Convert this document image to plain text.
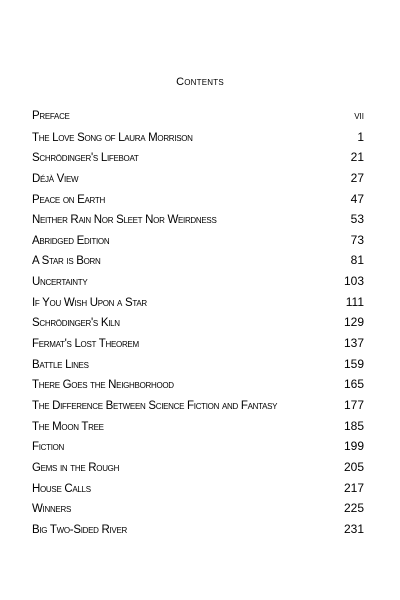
Contents
Preface	vii
The Love Song of Laura Morrison	1
Schrödinger's Lifeboat	21
Déjà View	27
Peace on Earth	47
Neither Rain Nor Sleet Nor Weirdness	53
Abridged Edition	73
A Star is Born	81
Uncertainty	103
If You Wish Upon a Star	111
Schrödinger's Kiln	129
Fermat's Lost Theorem	137
Battle Lines	159
There Goes the Neighborhood	165
The Difference Between Science Fiction and Fantasy	177
The Moon Tree	185
Fiction	199
Gems in the Rough	205
House Calls	217
Winners	225
Big Two-Sided River	231
